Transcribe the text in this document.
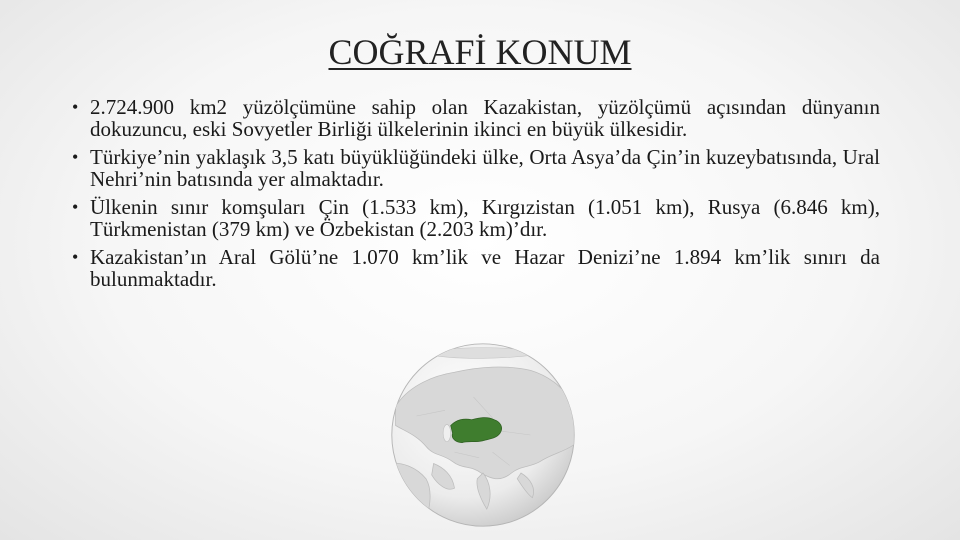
COĞRAFİ KONUM
• 2.724.900 km2 yüzölçümüne sahip olan Kazakistan, yüzölçümü açısından dünyanın dokuzuncu, eski Sovyetler Birliği ülkelerinin ikinci en büyük ülkesidir.
• Türkiye’nin yaklaşık 3,5 katı büyüklüğündeki ülke, Orta Asya’da Çin’in kuzeybatısında, Ural Nehri’nin batısında yer almaktadır.
• Ülkenin sınır komşuları Çin (1.533 km), Kırgızistan (1.051 km), Rusya (6.846 km), Türkmenistan (379 km) ve Özbekistan (2.203 km)’dır.
• Kazakistan’ın Aral Gölü’ne 1.070 km’lik ve Hazar Denizi’ne 1.894 km’lik sınırı da bulunmaktadır.
